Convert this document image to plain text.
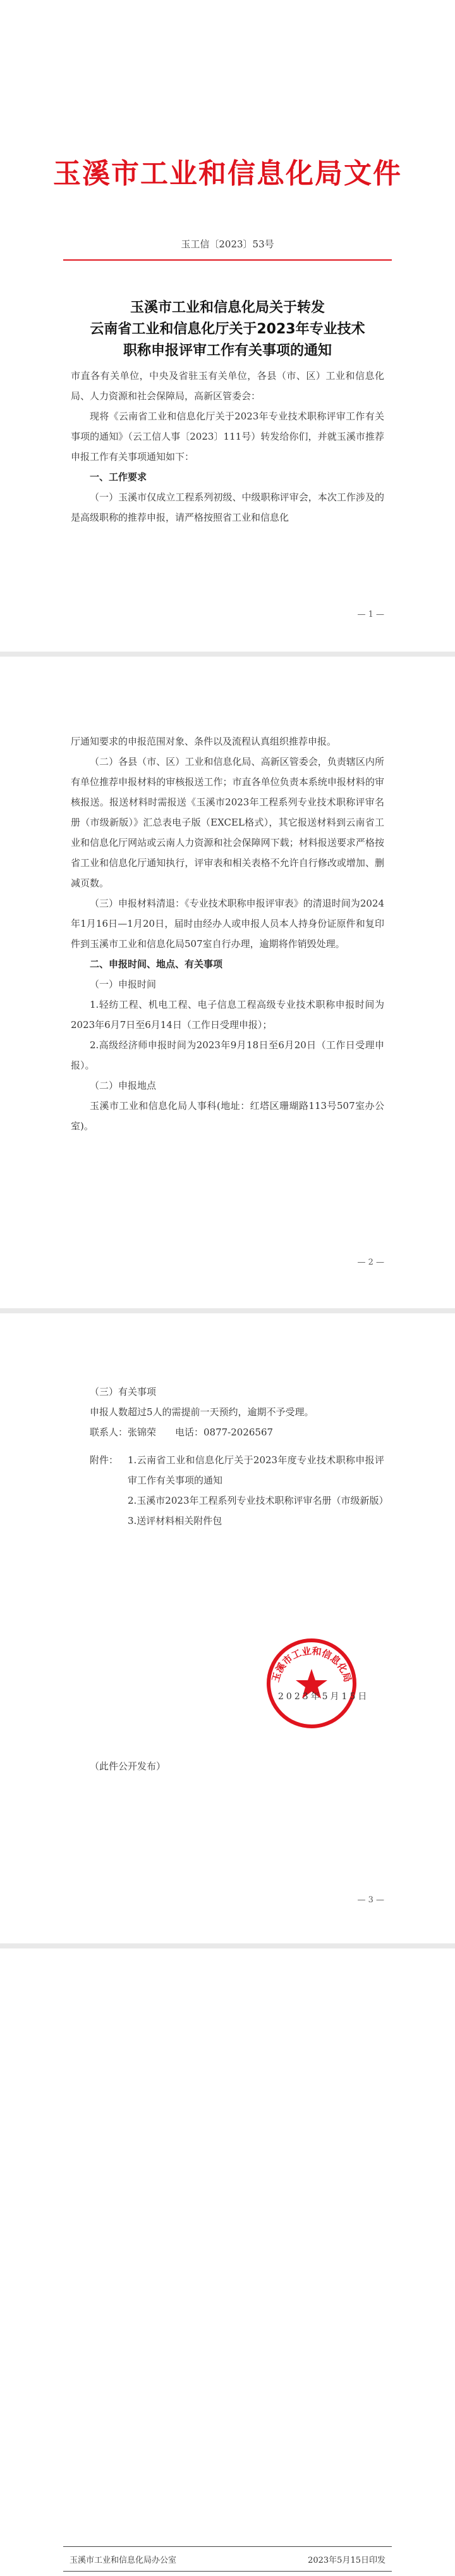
玉溪市工业和信息化局文件
玉工信〔2023〕53号
玉溪市工业和信息化局关于转发
云南省工业和信息化厅关于2023年专业技术
职称申报评审工作有关事项的通知

市直各有关单位，中央及省驻玉有关单位，各县（市、区）工业和信息化局、人力资源和社会保障局，高新区管委会：

现将《云南省工业和信息化厅关于2023年专业技术职称评审工作有关事项的通知》（云工信人事〔2023〕111号）转发给你们，并就玉溪市推荐申报工作有关事项通知如下：

一、工作要求

（一）玉溪市仅成立工程系列初级、中级职称评审会，本次工作涉及的是高级职称的推荐申报，请严格按照省工业和信息化

— 1 —

厅通知要求的申报范围对象、条件以及流程认真组织推荐申报。

（二）各县（市、区）工业和信息化局、高新区管委会，负责辖区内所有单位推荐申报材料的审核报送工作；市直各单位负责本系统申报材料的审核报送。报送材料时需报送《玉溪市2023年工程系列专业技术职称评审名册（市级新版）》汇总表电子版（EXCEL格式），其它报送材料到云南省工业和信息化厅网站或云南人力资源和社会保障网下载；材料报送要求严格按省工业和信息化厅通知执行，评审表和相关表格不允许自行修改或增加、删减页数。

（三）申报材料清退：《专业技术职称申报评审表》的清退时间为2024年1月16日—1月20日，届时由经办人或申报人员本人持身份证原件和复印件到玉溪市工业和信息化局507室自行办理，逾期将作销毁处理。

二、申报时间、地点、有关事项

（一）申报时间

1.轻纺工程、机电工程、电子信息工程高级专业技术职称申报时间为2023年6月7日至6月14日（工作日受理申报）；

2.高级经济师申报时间为2023年9月18日至6月20日（工作日受理申报）。

（二）申报地点

玉溪市工业和信息化局人事科(地址：红塔区珊瑚路113号507室办公室)。

— 2 —

（三）有关事项

申报人数超过5人的需提前一天预约，逾期不予受理。

联系人：张锦荣　　电话：0877-2026567

附件： 1.云南省工业和信息化厅关于2023年度专业技术职称申报评审工作有关事项的通知

2.玉溪市2023年工程系列专业技术职称评审名册（市级新版）

3.送评材料相关附件包

玉溪市工业和信息化局
2023年5月15日

（此件公开发布）

— 3 —
玉溪市工业和信息化局办公室	2023年5月15日印发
